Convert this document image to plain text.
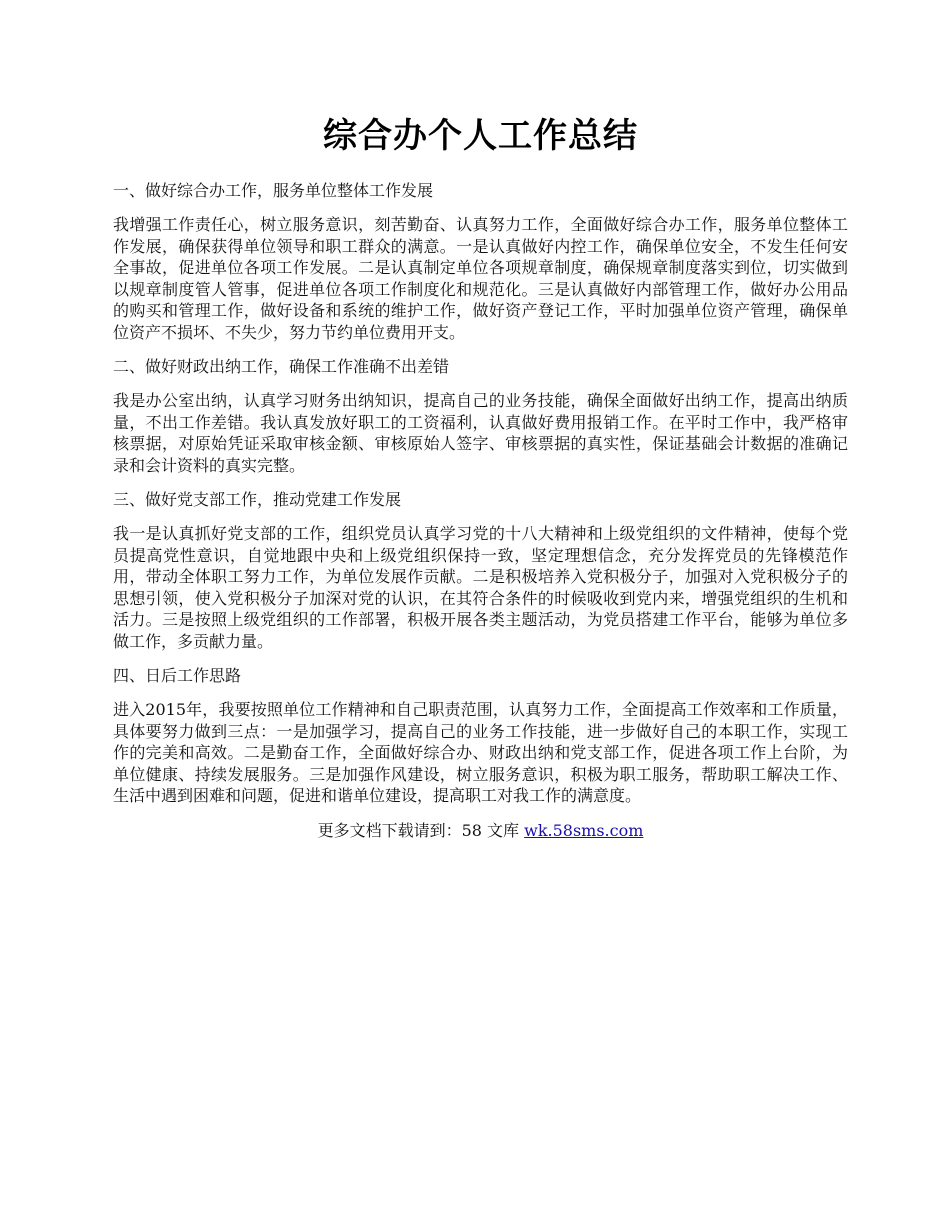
综合办个人工作总结

一、做好综合办工作，服务单位整体工作发展

我增强工作责任心，树立服务意识，刻苦勤奋、认真努力工作，全面做好综合办工作，服务单位整体工作发展，确保获得单位领导和职工群众的满意。一是认真做好内控工作，确保单位安全，不发生任何安全事故，促进单位各项工作发展。二是认真制定单位各项规章制度，确保规章制度落实到位，切实做到以规章制度管人管事，促进单位各项工作制度化和规范化。三是认真做好内部管理工作，做好办公用品的购买和管理工作，做好设备和系统的维护工作，做好资产登记工作，平时加强单位资产管理，确保单位资产不损坏、不失少，努力节约单位费用开支。

二、做好财政出纳工作，确保工作准确不出差错

我是办公室出纳，认真学习财务出纳知识，提高自己的业务技能，确保全面做好出纳工作，提高出纳质量，不出工作差错。我认真发放好职工的工资福利，认真做好费用报销工作。在平时工作中，我严格审核票据，对原始凭证采取审核金额、审核原始人签字、审核票据的真实性，保证基础会计数据的准确记录和会计资料的真实完整。

三、做好党支部工作，推动党建工作发展

我一是认真抓好党支部的工作，组织党员认真学习党的十八大精神和上级党组织的文件精神，使每个党员提高党性意识，自觉地跟中央和上级党组织保持一致，坚定理想信念，充分发挥党员的先锋模范作用，带动全体职工努力工作，为单位发展作贡献。二是积极培养入党积极分子，加强对入党积极分子的思想引领，使入党积极分子加深对党的认识，在其符合条件的时候吸收到党内来，增强党组织的生机和活力。三是按照上级党组织的工作部署，积极开展各类主题活动，为党员搭建工作平台，能够为单位多做工作，多贡献力量。

四、日后工作思路

进入2015年，我要按照单位工作精神和自己职责范围，认真努力工作，全面提高工作效率和工作质量，具体要努力做到三点：一是加强学习，提高自己的业务工作技能，进一步做好自己的本职工作，实现工作的完美和高效。二是勤奋工作，全面做好综合办、财政出纳和党支部工作，促进各项工作上台阶，为单位健康、持续发展服务。三是加强作风建设，树立服务意识，积极为职工服务，帮助职工解决工作、生活中遇到困难和问题，促进和谐单位建设，提高职工对我工作的满意度。

更多文档下载请到：58 文库 wk.58sms.com
